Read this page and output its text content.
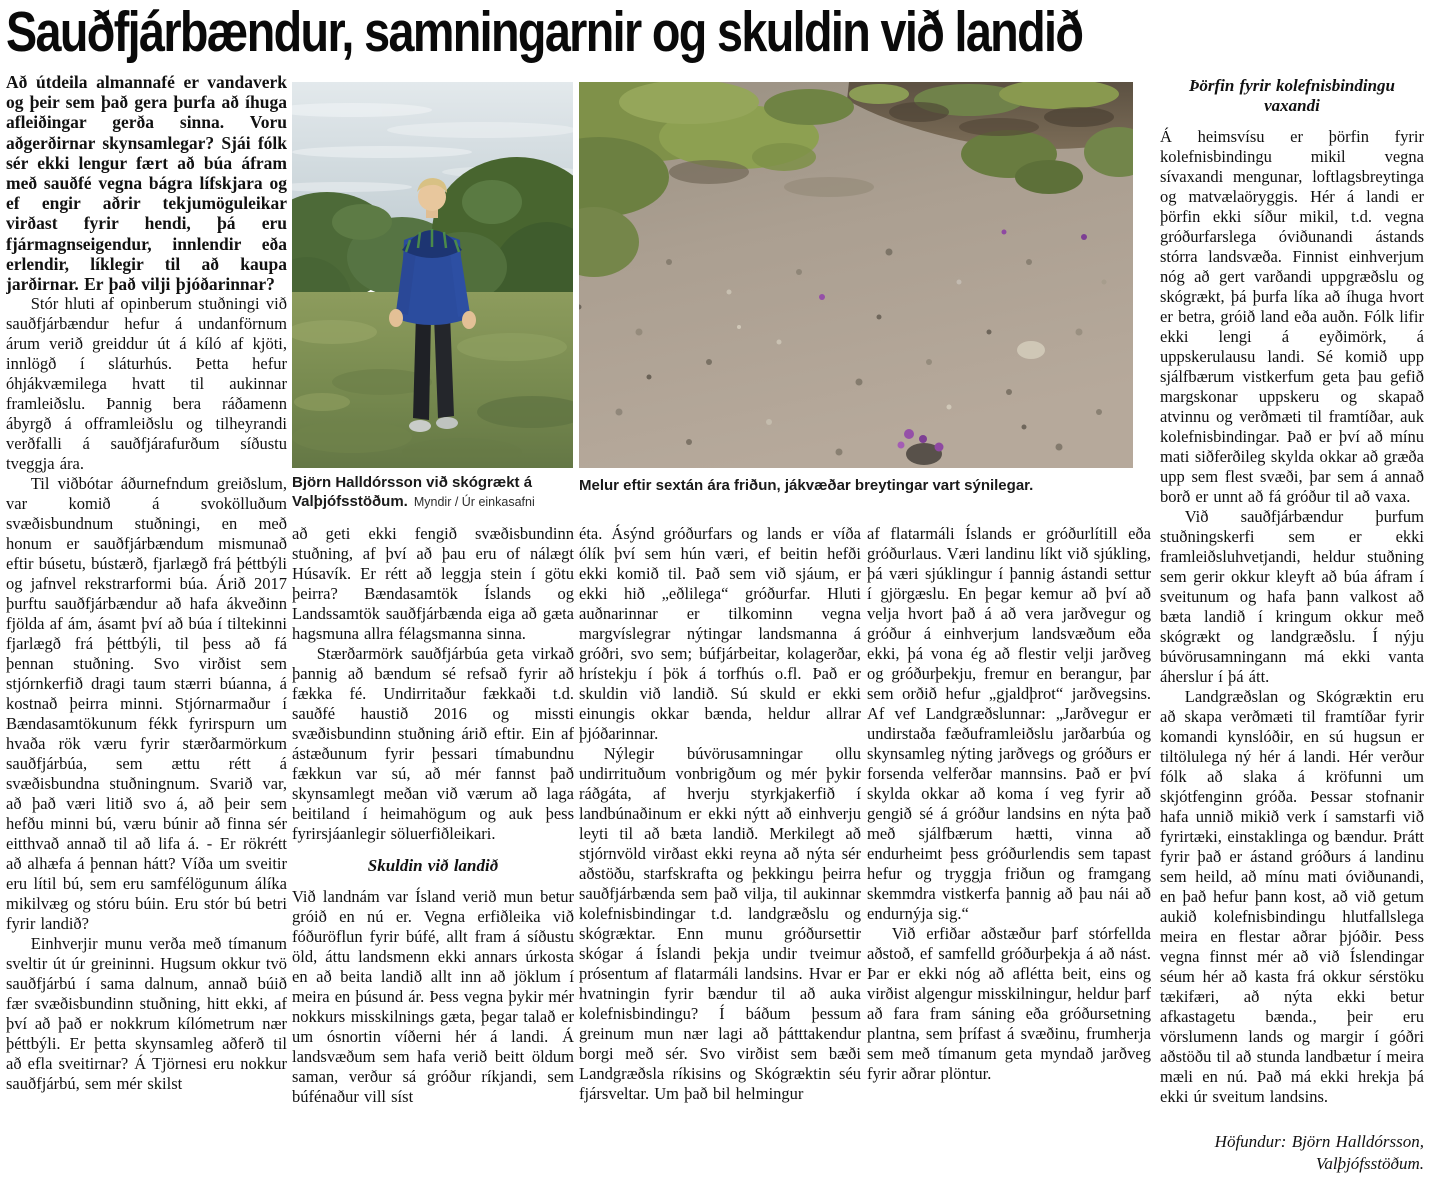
Sauðfjárbændur, samningarnir og skuldin við landið
Björn Halldórsson við skógrækt á Valþjófsstöðum. Myndir / Úr einkasafni
Melur eftir sextán ára friðun, jákvæðar breytingar vart sýnilegar.

Að útdeila almannafé er vandaverk og þeir sem það gera þurfa að íhuga afleiðingar gerða sinna. Voru aðgerðirnar skynsamlegar? Sjái fólk sér ekki lengur fært að búa áfram með sauðfé vegna bágra lífskjara og ef engir aðrir tekjumöguleikar virðast fyrir hendi, þá eru fjármagnseigendur, innlendir eða erlendir, líklegir til að kaupa jarðirnar. Er það vilji þjóðarinnar?

Stór hluti af opinberum stuðningi við sauðfjárbændur hefur á undanförnum árum verið greiddur út á kíló af kjöti, innlögð í sláturhús. Þetta hefur óhjákvæmilega hvatt til aukinnar framleiðslu. Þannig bera ráðamenn ábyrgð á offramleiðslu og tilheyrandi verðfalli á sauðfjárafurðum síðustu tveggja ára.

Til viðbótar áðurnefndum greiðslum, var komið á svokölluðum svæðisbundnum stuðningi, en með honum er sauðfjárbændum mismunað eftir búsetu, bústærð, fjarlægð frá þéttbýli og jafnvel rekstrarformi búa. Árið 2017 þurftu sauðfjárbændur að hafa ákveðinn fjölda af ám, ásamt því að búa í tiltekinni fjarlægð frá þéttbýli, til þess að fá þennan stuðning. Svo virðist sem stjórnkerfið dragi taum stærri búanna, á kostnað þeirra minni. Stjórnarmaður í Bændasamtökunum fékk fyrirspurn um hvaða rök væru fyrir stærðarmörkum sauðfjárbúa, sem ættu rétt á svæðisbundna stuðningnum. Svarið var, að það væri litið svo á, að þeir sem hefðu minni bú, væru búnir að finna sér eitthvað annað til að lifa á. - Er rökrétt að alhæfa á þennan hátt? Víða um sveitir eru lítil bú, sem eru samfélögunum álíka mikilvæg og stóru búin. Eru stór bú betri fyrir landið?

Einhverjir munu verða með tímanum sveltir út úr greininni. Hugsum okkur tvö sauðfjárbú í sama dalnum, annað búið fær svæðisbundinn stuðning, hitt ekki, af því að það er nokkrum kílómetrum nær þéttbýli. Er þetta skynsamleg aðferð til að efla sveitirnar? Á Tjörnesi eru nokkur sauðfjárbú, sem mér skilst

að geti ekki fengið svæðisbundinn stuðning, af því að þau eru of nálægt Húsavík. Er rétt að leggja stein í götu þeirra? Bændasamtök Íslands og Landssamtök sauðfjárbænda eiga að gæta hagsmuna allra félagsmanna sinna.

Stærðarmörk sauðfjárbúa geta virkað þannig að bændum sé refsað fyrir að fækka fé. Undirritaður fækkaði t.d. sauðfé haustið 2016 og missti svæðisbundinn stuðning árið eftir. Ein af ástæðunum fyrir þessari tímabundnu fækkun var sú, að mér fannst það skynsamlegt meðan við værum að laga beitiland í heimahögum og auk þess fyrirsjáanlegir söluerfiðleikari.

Skuldin við landið

Við landnám var Ísland verið mun betur gróið en nú er. Vegna erfiðleika við fóðuröflun fyrir búfé, allt fram á síðustu öld, áttu landsmenn ekki annars úrkosta en að beita landið allt inn að jöklum í meira en þúsund ár. Þess vegna þykir mér nokkurs misskilnings gæta, þegar talað er um ósnortin víðerni hér á landi. Á landsvæðum sem hafa verið beitt öldum saman, verður sá gróður ríkjandi, sem búfénaður vill síst

éta. Ásýnd gróðurfars og lands er víða ólík því sem hún væri, ef beitin hefði ekki komið til. Það sem við sjáum, er ekki hið „eðlilega“ gróðurfar. Hluti auðnarinnar er tilkominn vegna margvíslegrar nýtingar landsmanna á gróðri, svo sem; búfjárbeitar, kolagerðar, hrístekju í þök á torfhús o.fl. Það er skuldin við landið. Sú skuld er ekki einungis okkar bænda, heldur allrar þjóðarinnar.

Nýlegir búvörusamningar ollu undirrituðum vonbrigðum og mér þykir ráðgáta, af hverju styrkjakerfið í landbúnaðinum er ekki nýtt að einhverju leyti til að bæta landið. Merkilegt að stjórnvöld virðast ekki reyna að nýta sér aðstöðu, starfskrafta og þekkingu þeirra sauðfjárbænda sem það vilja, til aukinnar kolefnisbindingar t.d. landgræðslu og skógræktar. Enn munu gróðursettir skógar á Íslandi þekja undir tveimur prósentum af flatarmáli landsins. Hvar er hvatningin fyrir bændur til að auka kolefnisbindingu? Í báðum þessum greinum mun nær lagi að þátttakendur borgi með sér. Svo virðist sem bæði Landgræðsla ríkisins og Skógræktin séu fjársveltar. Um það bil helmingur

af flatarmáli Íslands er gróðurlítill eða gróðurlaus. Væri landinu líkt við sjúkling, þá væri sjúklingur í þannig ástandi settur í gjörgæslu. En þegar kemur að því að velja hvort það á að vera jarðvegur og gróður á einhverjum landsvæðum eða ekki, þá vona ég að flestir velji jarðveg og gróðurþekju, fremur en berangur, þar sem orðið hefur „gjaldþrot“ jarðvegsins. Af vef Landgræðslunnar: „Jarðvegur er undirstaða fæðuframleiðslu jarðarbúa og skynsamleg nýting jarðvegs og gróðurs er forsenda velferðar mannsins. Það er því skylda okkar að koma í veg fyrir að gengið sé á gróður landsins en nýta það með sjálfbærum hætti, vinna að endurheimt þess gróðurlendis sem tapast hefur og tryggja friðun og framgang skemmdra vistkerfa þannig að þau nái að endurnýja sig.“

Við erfiðar aðstæður þarf stórfellda aðstoð, ef samfelld gróðurþekja á að nást. Þar er ekki nóg að aflétta beit, eins og virðist algengur misskilningur, heldur þarf að fara fram sáning eða gróðursetning plantna, sem þrífast á svæðinu, frumherja sem með tímanum geta myndað jarðveg fyrir aðrar plöntur.

Þörfin fyrir kolefnisbindingu vaxandi

Á heimsvísu er þörfin fyrir kolefnisbindingu mikil vegna sívaxandi mengunar, loftlagsbreytinga og matvælaöryggis. Hér á landi er þörfin ekki síður mikil, t.d. vegna gróðurfarslega óviðunandi ástands stórra landsvæða. Finnist einhverjum nóg að gert varðandi uppgræðslu og skógrækt, þá þurfa líka að íhuga hvort er betra, gróið land eða auðn. Fólk lifir ekki lengi á eyðimörk, á uppskerulausu landi. Sé komið upp sjálfbærum vistkerfum geta þau gefið margskonar uppskeru og skapað atvinnu og verðmæti til framtíðar, auk kolefnisbindingar. Það er því að mínu mati siðferðileg skylda okkar að græða upp sem flest svæði, þar sem á annað borð er unnt að fá gróður til að vaxa.

Við sauðfjárbændur þurfum stuðningskerfi sem er ekki framleiðsluhvetjandi, heldur stuðning sem gerir okkur kleyft að búa áfram í sveitunum og hafa þann valkost að bæta landið í kringum okkur með skógrækt og landgræðslu. Í nýju búvörusamningann má ekki vanta áherslur í þá átt.

Landgræðslan og Skógræktin eru að skapa verðmæti til framtíðar fyrir komandi kynslóðir, en sú hugsun er tiltölulega ný hér á landi. Hér verður fólk að slaka á kröfunni um skjótfenginn gróða. Þessar stofnanir hafa unnið mikið verk í samstarfi við fyrirtæki, einstaklinga og bændur. Þrátt fyrir það er ástand gróðurs á landinu sem heild, að mínu mati óviðunandi, en það hefur þann kost, að við getum aukið kolefnisbindingu hlutfallslega meira en flestar aðrar þjóðir. Þess vegna finnst mér að við Íslendingar séum hér að kasta frá okkur sérstöku tækifæri, að nýta ekki betur afkastagetu bænda., þeir eru vörslumenn lands og margir í góðri aðstöðu til að stunda landbætur í meira mæli en nú. Það má ekki hrekja þá ekki úr sveitum landsins.

Höfundur: Björn Halldórsson, Valþjófsstöðum.
